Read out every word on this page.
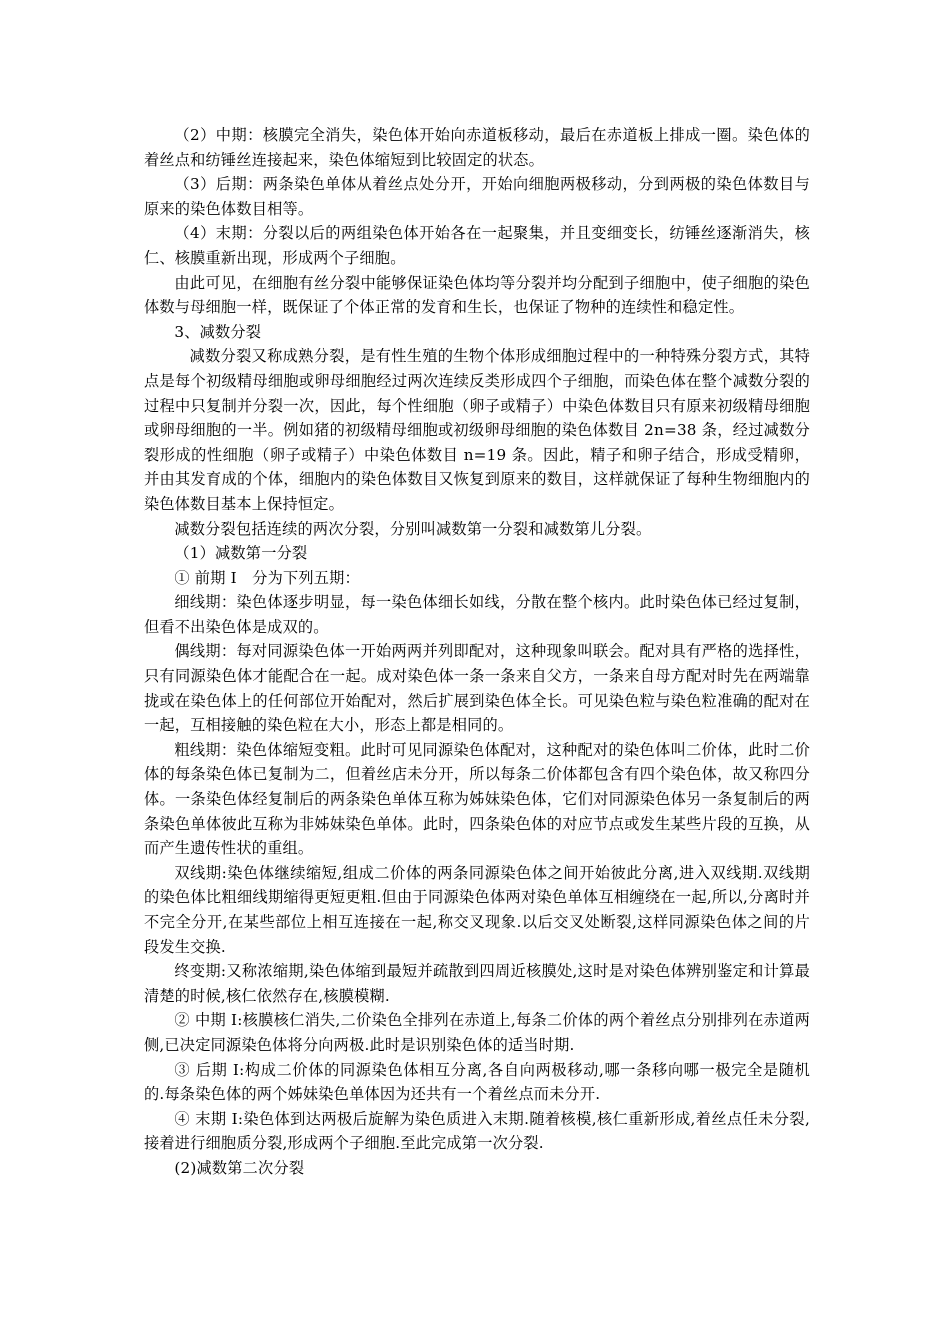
（2）中期：核膜完全消失，染色体开始向赤道板移动，最后在赤道板上排成一圈。染色体的着丝点和纺锤丝连接起来，染色体缩短到比较固定的状态。

（3）后期：两条染色单体从着丝点处分开，开始向细胞两极移动，分到两极的染色体数目与原来的染色体数目相等。

（4）末期：分裂以后的两组染色体开始各在一起聚集，并且变细变长，纺锤丝逐渐消失，核仁、核膜重新出现，形成两个子细胞。

由此可见，在细胞有丝分裂中能够保证染色体均等分裂并均分配到子细胞中，使子细胞的染色体数与母细胞一样，既保证了个体正常的发育和生长，也保证了物种的连续性和稳定性。

3、减数分裂

减数分裂又称成熟分裂，是有性生殖的生物个体形成细胞过程中的一种特殊分裂方式，其特点是每个初级精母细胞或卵母细胞经过两次连续反类形成四个子细胞，而染色体在整个减数分裂的过程中只复制并分裂一次，因此，每个性细胞（卵子或精子）中染色体数目只有原来初级精母细胞或卵母细胞的一半。例如猪的初级精母细胞或初级卵母细胞的染色体数目 2n=38 条，经过减数分裂形成的性细胞（卵子或精子）中染色体数目 n=19 条。因此，精子和卵子结合，形成受精卵，并由其发育成的个体，细胞内的染色体数目又恢复到原来的数目，这样就保证了每种生物细胞内的染色体数目基本上保持恒定。

减数分裂包括连续的两次分裂，分别叫减数第一分裂和减数第儿分裂。

（1）减数第一分裂

① 前期 I　分为下列五期：

细线期：染色体逐步明显，每一染色体细长如线，分散在整个核内。此时染色体已经过复制，但看不出染色体是成双的。

偶线期：每对同源染色体一开始两两并列即配对，这种现象叫联会。配对具有严格的选择性，只有同源染色体才能配合在一起。成对染色体一条一条来自父方，一条来自母方配对时先在两端靠拢或在染色体上的任何部位开始配对，然后扩展到染色体全长。可见染色粒与染色粒准确的配对在一起，互相接触的染色粒在大小，形态上都是相同的。

粗线期：染色体缩短变粗。此时可见同源染色体配对，这种配对的染色体叫二价体，此时二价体的每条染色体已复制为二，但着丝店未分开，所以每条二价体都包含有四个染色体，故又称四分体。一条染色体经复制后的两条染色单体互称为姊妹染色体，它们对同源染色体另一条复制后的两条染色单体彼此互称为非姊妹染色单体。此时，四条染色体的对应节点或发生某些片段的互换，从而产生遗传性状的重组。

双线期:染色体继续缩短,组成二价体的两条同源染色体之间开始彼此分离,进入双线期.双线期的染色体比粗细线期缩得更短更粗.但由于同源染色体两对染色单体互相缠绕在一起,所以,分离时并不完全分开,在某些部位上相互连接在一起,称交叉现象.以后交叉处断裂,这样同源染色体之间的片段发生交换.

终变期:又称浓缩期,染色体缩到最短并疏散到四周近核膜处,这时是对染色体辨别鉴定和计算最清楚的时候,核仁依然存在,核膜模糊.

② 中期 I:核膜核仁消失,二价染色全排列在赤道上,每条二价体的两个着丝点分别排列在赤道两侧,已决定同源染色体将分向两极.此时是识别染色体的适当时期.

③ 后期 I:构成二价体的同源染色体相互分离,各自向两极移动,哪一条移向哪一极完全是随机的.每条染色体的两个姊妹染色单体因为还共有一个着丝点而未分开.

④ 末期 I:染色体到达两极后旋解为染色质进入末期.随着核模,核仁重新形成,着丝点任未分裂,接着进行细胞质分裂,形成两个子细胞.至此完成第一次分裂.

(2)减数第二次分裂
